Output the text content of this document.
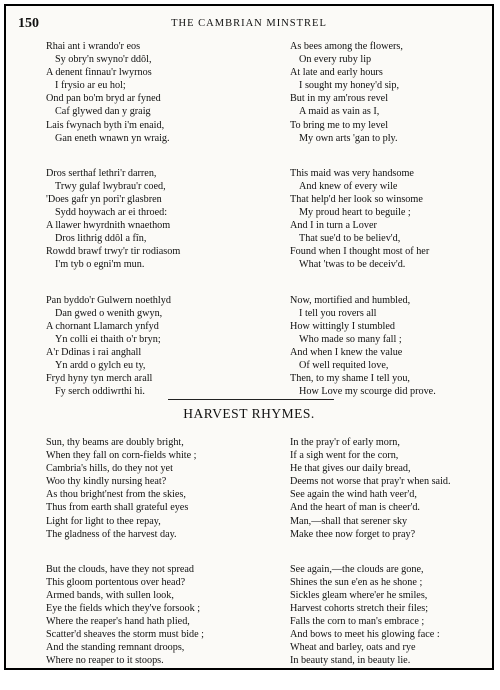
150	THE CAMBRIAN MINSTREL
Rhai ant i wrando'r eos
Sy obry'n swyno'r ddôl,
A denent finnau'r lwyrnos
I frysio ar eu hol;
Ond pan bo'm bryd ar fyned
Caf glywed dan y graig
Lais fwynach byth i'm enaid,
Gan eneth wnawn yn wraig.
Dros serthaf lethri'r darren,
Trwy gulaf lwybrau'r coed,
'Does gafr yn pori'r glasbren
Sydd hoywach ar ei throed:
A llawer hwyrdnith wnaethom
Dros lithrig ddôl a fîn,
Rowdd brawf trwy'r tir rodiasom
I'm tyb o egni'm mun.
Pan byddo'r Gulwern noethlyd
Dan gwed o wenith gwyn,
A chornant Llamarch ynfyd
Yn colli ei thaith o'r bryn;
A'r Ddinas i rai anghall
Yn ardd o gylch eu ty,
Fryd hyny tyn merch arall
Fy serch oddiwrthi hi.
As bees among the flowers,
On every ruby lip
At late and early hours
I sought my honey'd sip,
But in my am'rous revel
A maid as vain as I,
To bring me to my level
My own arts 'gan to ply.
This maid was very handsome
And knew of every wile
That help'd her look so winsome
My proud heart to beguile ;
And I in turn a Lover
That sue'd to be believ'd,
Found when I thought most of her
What 'twas to be deceiv'd.
Now, mortified and humbled,
I tell you rovers all
How wittingly I stumbled
Who made so many fall ;
And when I knew the value
Of well requited love,
Then, to my shame I tell you,
How Love my scourge did prove.
HARVEST RHYMES.
Sun, thy beams are doubly bright,
When they fall on corn-fields white ;
Cambria's hills, do they not yet
Woo thy kindly nursing heat?
As thou bright'nest from the skies,
Thus from earth shall grateful eyes
Light for light to thee repay,
The gladness of the harvest day.
But the clouds, have they not spread
This gloom portentous over head?
Armed bands, with sullen look,
Eye the fields which they've forsook ;
Where the reaper's hand hath plied,
Scatter'd sheaves the storm must bide ;
And the standing remnant droops,
Where no reaper to it stoops.
In the pray'r of early morn,
If a sigh went for the corn,
He that gives our daily bread,
Deems not worse that pray'r when said.
See again the wind hath veer'd,
And the heart of man is cheer'd.
Man,—shall that serener sky
Make thee now forget to pray?
See again,—the clouds are gone,
Shines the sun e'en as he shone ;
Sickles gleam where'er he smiles,
Harvest cohorts stretch their files;
Falls the corn to man's embrace ;
And bows to meet his glowing face :
Wheat and barley, oats and rye
In beauty stand, in beauty lie.
